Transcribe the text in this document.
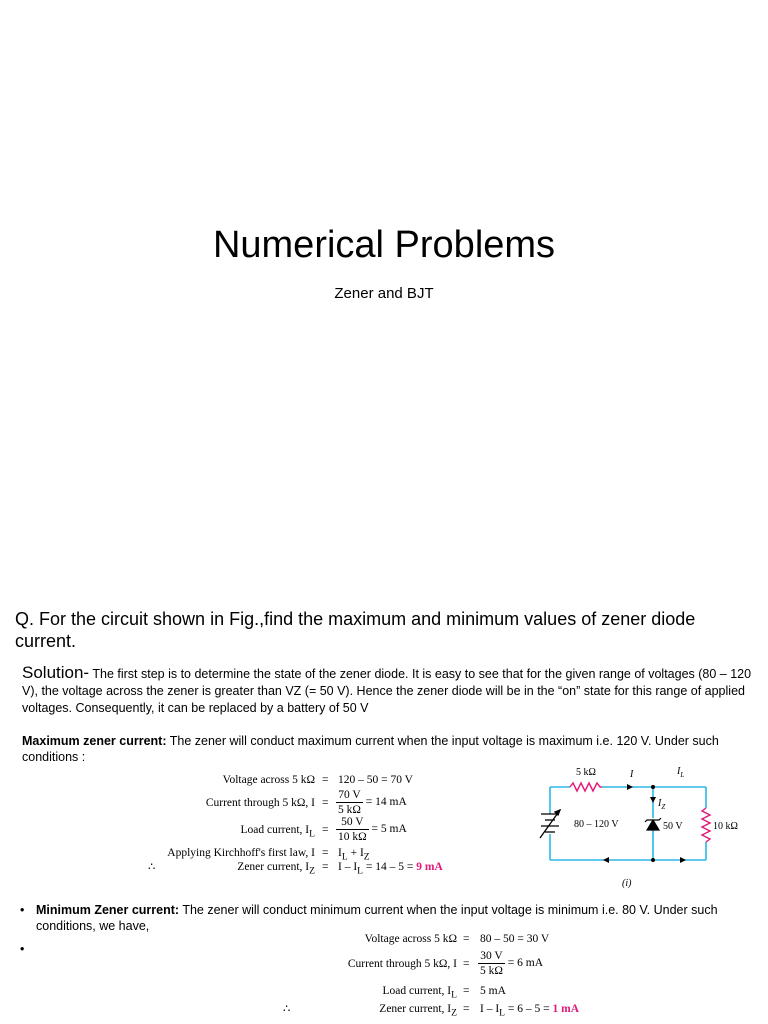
Numerical Problems
Zener and BJT
Q. For the circuit shown in Fig.,find the maximum and minimum values of zener diode current.
Solution- The first step is to determine the state of the zener diode. It is easy to see that for the given range of voltages (80 – 120 V), the voltage across the zener is greater than VZ (= 50 V). Hence the zener diode will be in the “on” state for this range of applied voltages. Consequently, it can be replaced by a battery of 50 V
Maximum zener current: The zener will conduct maximum current when the input voltage is maximum i.e. 120 V. Under such conditions :
Voltage across 5 kΩ = 120 – 50 = 70 V
Current through 5 kΩ, $I = \frac{70 V}{5 k\Omega} = 14$ mA
Load current, $I_L = \frac{50 V}{10 k\Omega} = 5$ mA
Applying Kirchhoff's first law, $I = I_L + I_Z$
∴	Zener current, $I_Z = I - I_L = 14 - 5 = 9$ mA
5 kΩ	I	$I_L$
$I_Z$
80 – 120 V	50 V	10 kΩ
(i)
• Minimum Zener current: The zener will conduct minimum current when the input voltage is minimum i.e. 80 V. Under such conditions, we have,
•
Voltage across 5 kΩ = 80 – 50 = 30 V
Current through 5 kΩ, $I = \frac{30 V}{5 k\Omega} = 6$ mA
Load current, $I_L = 5$ mA
∴	Zener current, $I_Z = I - I_L = 6 - 5 = 1$ mA
